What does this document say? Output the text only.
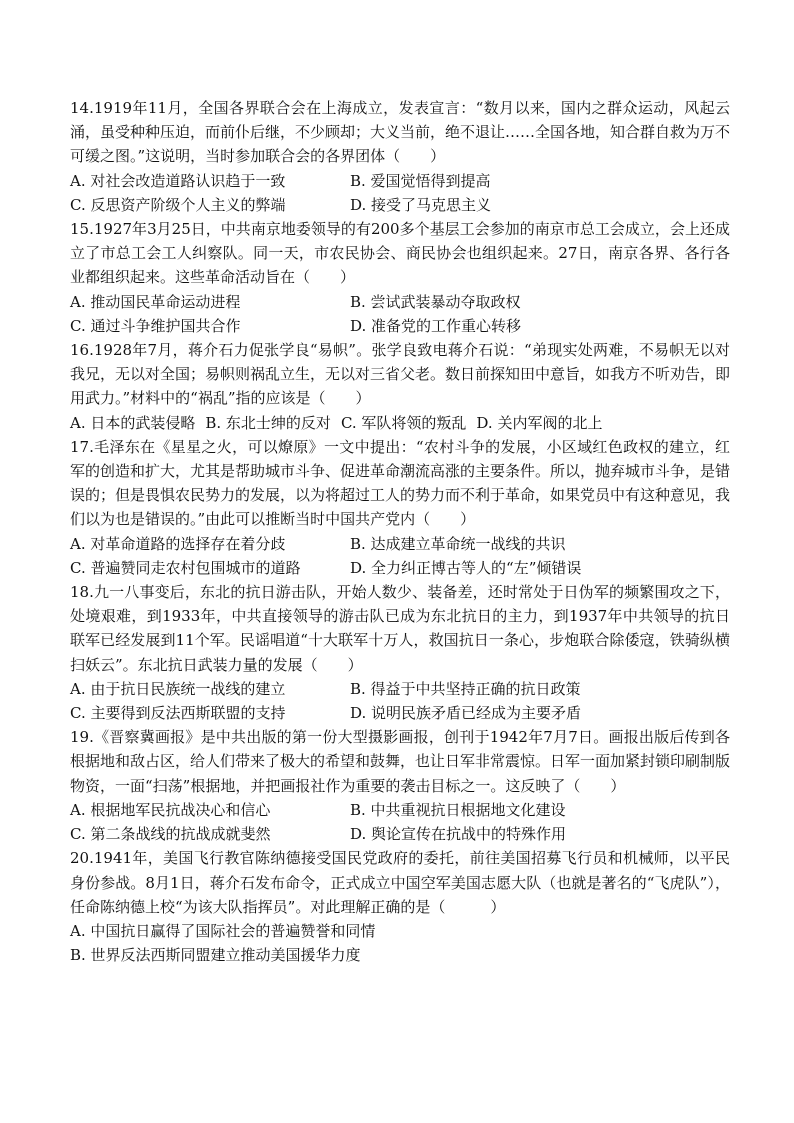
14.1919年11月，全国各界联合会在上海成立，发表宣言：“数月以来，国内之群众运动，风起云涌，虽受种种压迫，而前仆后继，不少顾却；大义当前，绝不退让……全国各地，知合群自救为万不可缓之图。”这说明，当时参加联合会的各界团体（　　）

A. 对社会改造道路认识趋于一致	B. 爱国觉悟得到提高
C. 反思资产阶级个人主义的弊端	D. 接受了马克思主义

15.1927年3月25日，中共南京地委领导的有200多个基层工会参加的南京市总工会成立，会上还成立了市总工会工人纠察队。同一天，市农民协会、商民协会也组织起来。27日，南京各界、各行各业都组织起来。这些革命活动旨在（　　）

A. 推动国民革命运动进程	B. 尝试武装暴动夺取政权
C. 通过斗争维护国共合作	D. 准备党的工作重心转移

16.1928年7月，蒋介石力促张学良“易帜”。张学良致电蒋介石说：“弟现实处两难，不易帜无以对我兄，无以对全国；易帜则祸乱立生，无以对三省父老。数日前探知田中意旨，如我方不听劝告，即用武力。”材料中的“祸乱”指的应该是（　　）

A. 日本的武装侵略 B. 东北士绅的反对 C. 军队将领的叛乱 D. 关内军阀的北上

17.毛泽东在《星星之火，可以燎原》一文中提出：“农村斗争的发展，小区域红色政权的建立，红军的创造和扩大，尤其是帮助城市斗争、促进革命潮流高涨的主要条件。所以，抛弃城市斗争，是错误的；但是畏惧农民势力的发展，以为将超过工人的势力而不利于革命，如果党员中有这种意见，我们以为也是错误的。”由此可以推断当时中国共产党内（　　）

A. 对革命道路的选择存在着分歧	B. 达成建立革命统一战线的共识
C. 普遍赞同走农村包围城市的道路	D. 全力纠正博古等人的“左”倾错误

18.九一八事变后，东北的抗日游击队，开始人数少、装备差，还时常处于日伪军的频繁围攻之下，处境艰难，到1933年，中共直接领导的游击队已成为东北抗日的主力，到1937年中共领导的抗日联军已经发展到11个军。民谣唱道“十大联军十万人，救国抗日一条心，步炮联合除倭寇，铁骑纵横扫妖云”。东北抗日武装力量的发展（　　）

A. 由于抗日民族统一战线的建立	B. 得益于中共坚持正确的抗日政策
C. 主要得到反法西斯联盟的支持	D. 说明民族矛盾已经成为主要矛盾

19.《晋察冀画报》是中共出版的第一份大型摄影画报，创刊于1942年7月7日。画报出版后传到各根据地和敌占区，给人们带来了极大的希望和鼓舞，也让日军非常震惊。日军一面加紧封锁印刷制版物资，一面“扫荡”根据地，并把画报社作为重要的袭击目标之一。这反映了（　　）

A. 根据地军民抗战决心和信心	B. 中共重视抗日根据地文化建设
C. 第二条战线的抗战成就斐然	D. 舆论宣传在抗战中的特殊作用

20.1941年，美国飞行教官陈纳德接受国民党政府的委托，前往美国招募飞行员和机械师，以平民身份参战。8月1日，蒋介石发布命令，正式成立中国空军美国志愿大队（也就是著名的“飞虎队”），任命陈纳德上校“为该大队指挥员”。对此理解正确的是（　　　）

A. 中国抗日赢得了国际社会的普遍赞誉和同情
B. 世界反法西斯同盟建立推动美国援华力度
